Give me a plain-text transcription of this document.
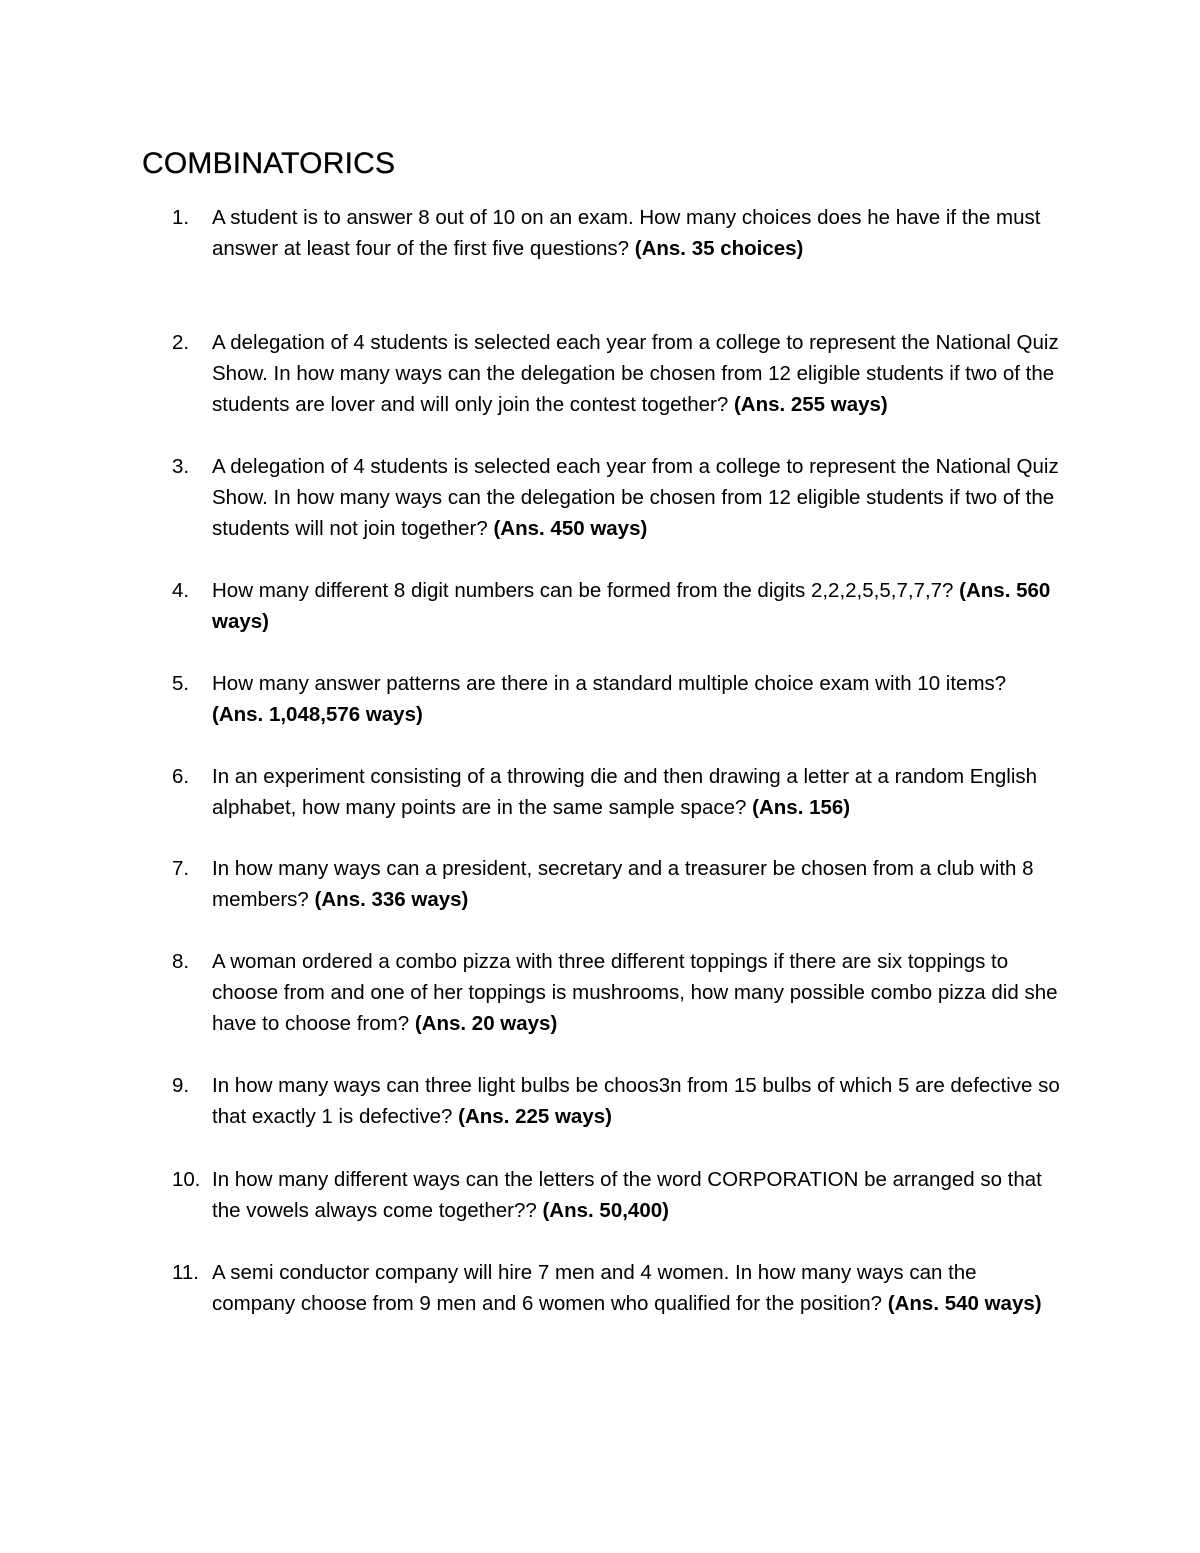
COMBINATORICS
1.	A student is to answer 8 out of 10 on an exam. How many choices does he have if the must answer at least four of the first five questions? (Ans. 35 choices)
2.	A delegation of 4 students is selected each year from a college to represent the National Quiz Show. In how many ways can the delegation be chosen from 12 eligible students if two of the students are lover and will only join the contest together? (Ans. 255 ways)
3.	A delegation of 4 students is selected each year from a college to represent the National Quiz Show. In how many ways can the delegation be chosen from 12 eligible students if two of the students will not join together? (Ans. 450 ways)
4.	How many different 8 digit numbers can be formed from the digits 2,2,2,5,5,7,7,7? (Ans. 560 ways)
5.	How many answer patterns are there in a standard multiple choice exam with 10 items? (Ans. 1,048,576 ways)
6.	In an experiment consisting of a throwing die and then drawing a letter at a random English alphabet, how many points are in the same sample space? (Ans. 156)
7.	In how many ways can a president, secretary and a treasurer be chosen from a club with 8 members? (Ans. 336 ways)
8.	A woman ordered a combo pizza with three different toppings if there are six toppings to choose from and one of her toppings is mushrooms, how many possible combo pizza did she have to choose from? (Ans. 20 ways)
9.	In how many ways can three light bulbs be choos3n from 15 bulbs of which 5 are defective so that exactly 1 is defective? (Ans. 225 ways)
10. In how many different ways can the letters of the word CORPORATION be arranged so that the vowels always come together?? (Ans. 50,400)
11. A semi conductor company will hire 7 men and 4 women. In how many ways can the company choose from 9 men and 6 women who qualified for the position? (Ans. 540 ways)
